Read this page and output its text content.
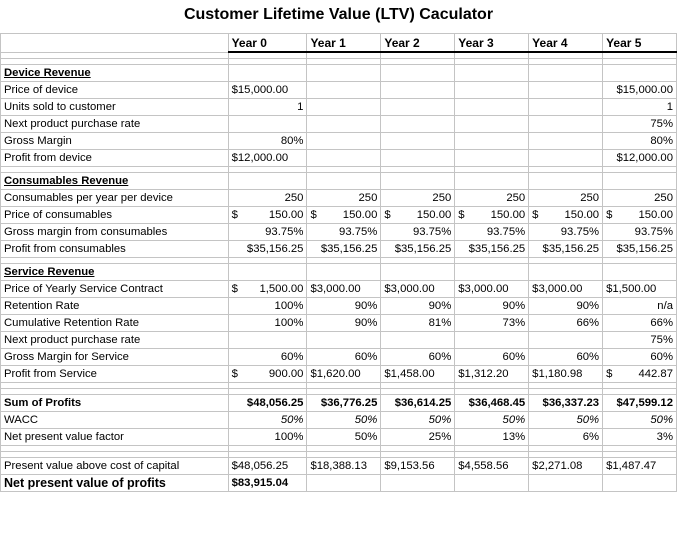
Customer Lifetime Value (LTV) Caculator
	Year 0	Year 1	Year 2	Year 3	Year 4	Year 5

Device Revenue						
Price of device	$15,000.00					$15,000.00
Units sold to customer	1					1
Next product purchase rate						75%
Gross Margin	80%					80%
Profit from device	$12,000.00					$12,000.00

Consumables Revenue						
Consumables per year per device	250	250	250	250	250	250
Price of consumables	$ 150.00	$ 150.00	$ 150.00	$ 150.00	$ 150.00	$ 150.00

Gross margin from consumables	93.75%	93.75%	93.75%	93.75%	93.75%	93.75%
Profit from consumables	$35,156.25	$35,156.25	$35,156.25	$35,156.25	$35,156.25	$35,156.25

Service Revenue						
Price of Yearly Service Contract	$ 1,500.00	$3,000.00	$3,000.00	$3,000.00	$3,000.00	$1,500.00
Retention Rate	100%	90%	90%	90%	90%	n/a
Cumulative Retention Rate	100%	90%	81%	73%	66%	66%
Next product purchase rate						75%
Gross Margin for Service	60%	60%	60%	60%	60%	60%
Profit from Service	$ 900.00	$1,620.00	$1,458.00	$1,312.20	$1,180.98	$ 442.87

Sum of Profits	$48,056.25	$36,776.25	$36,614.25	$36,468.45	$36,337.23	$47,599.12
WACC	50%	50%	50%	50%	50%	50%
Net present value factor	100%	50%	25%	13%	6%	3%

Present value above cost of capital	$48,056.25	$18,388.13	$9,153.56	$4,558.56	$2,271.08	$1,487.47
Net present value of profits	$83,915.04					
